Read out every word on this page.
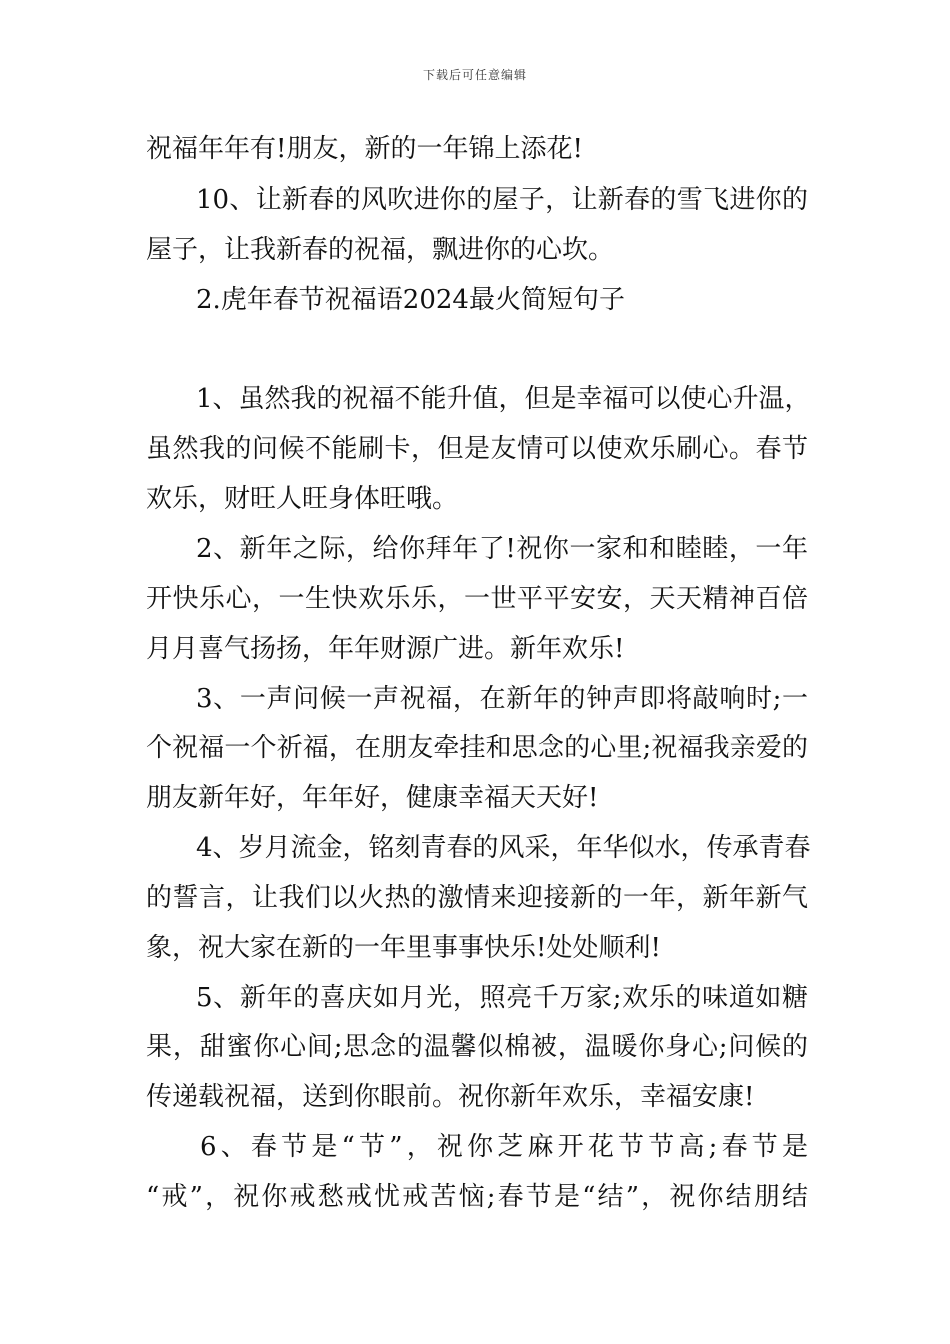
下载后可任意编辑
祝福年年有!朋友，新的一年锦上添花!
10、让新春的风吹进你的屋子，让新春的雪飞进你的
屋子，让我新春的祝福，飘进你的心坎。
2.虎年春节祝福语2024最火简短句子
1、虽然我的祝福不能升值，但是幸福可以使心升温，
虽然我的问候不能刷卡，但是友情可以使欢乐刷心。春节
欢乐，财旺人旺身体旺哦。
2、新年之际，给你拜年了!祝你一家和和睦睦，一年
开快乐心，一生快欢乐乐，一世平平安安，天天精神百倍
月月喜气扬扬，年年财源广进。新年欢乐!
3、一声问候一声祝福，在新年的钟声即将敲响时;一
个祝福一个祈福，在朋友牵挂和思念的心里;祝福我亲爱的
朋友新年好，年年好，健康幸福天天好!
4、岁月流金，铭刻青春的风采，年华似水，传承青春
的誓言，让我们以火热的激情来迎接新的一年，新年新气
象，祝大家在新的一年里事事快乐!处处顺利!
5、新年的喜庆如月光，照亮千万家;欢乐的味道如糖
果，甜蜜你心间;思念的温馨似棉被，温暖你身心;问候的
传递载祝福，送到你眼前。祝你新年欢乐，幸福安康!
6、春节是“节”，祝你芝麻开花节节高;春节是
“戒”，祝你戒愁戒忧戒苦恼;春节是“结”，祝你结朋结
